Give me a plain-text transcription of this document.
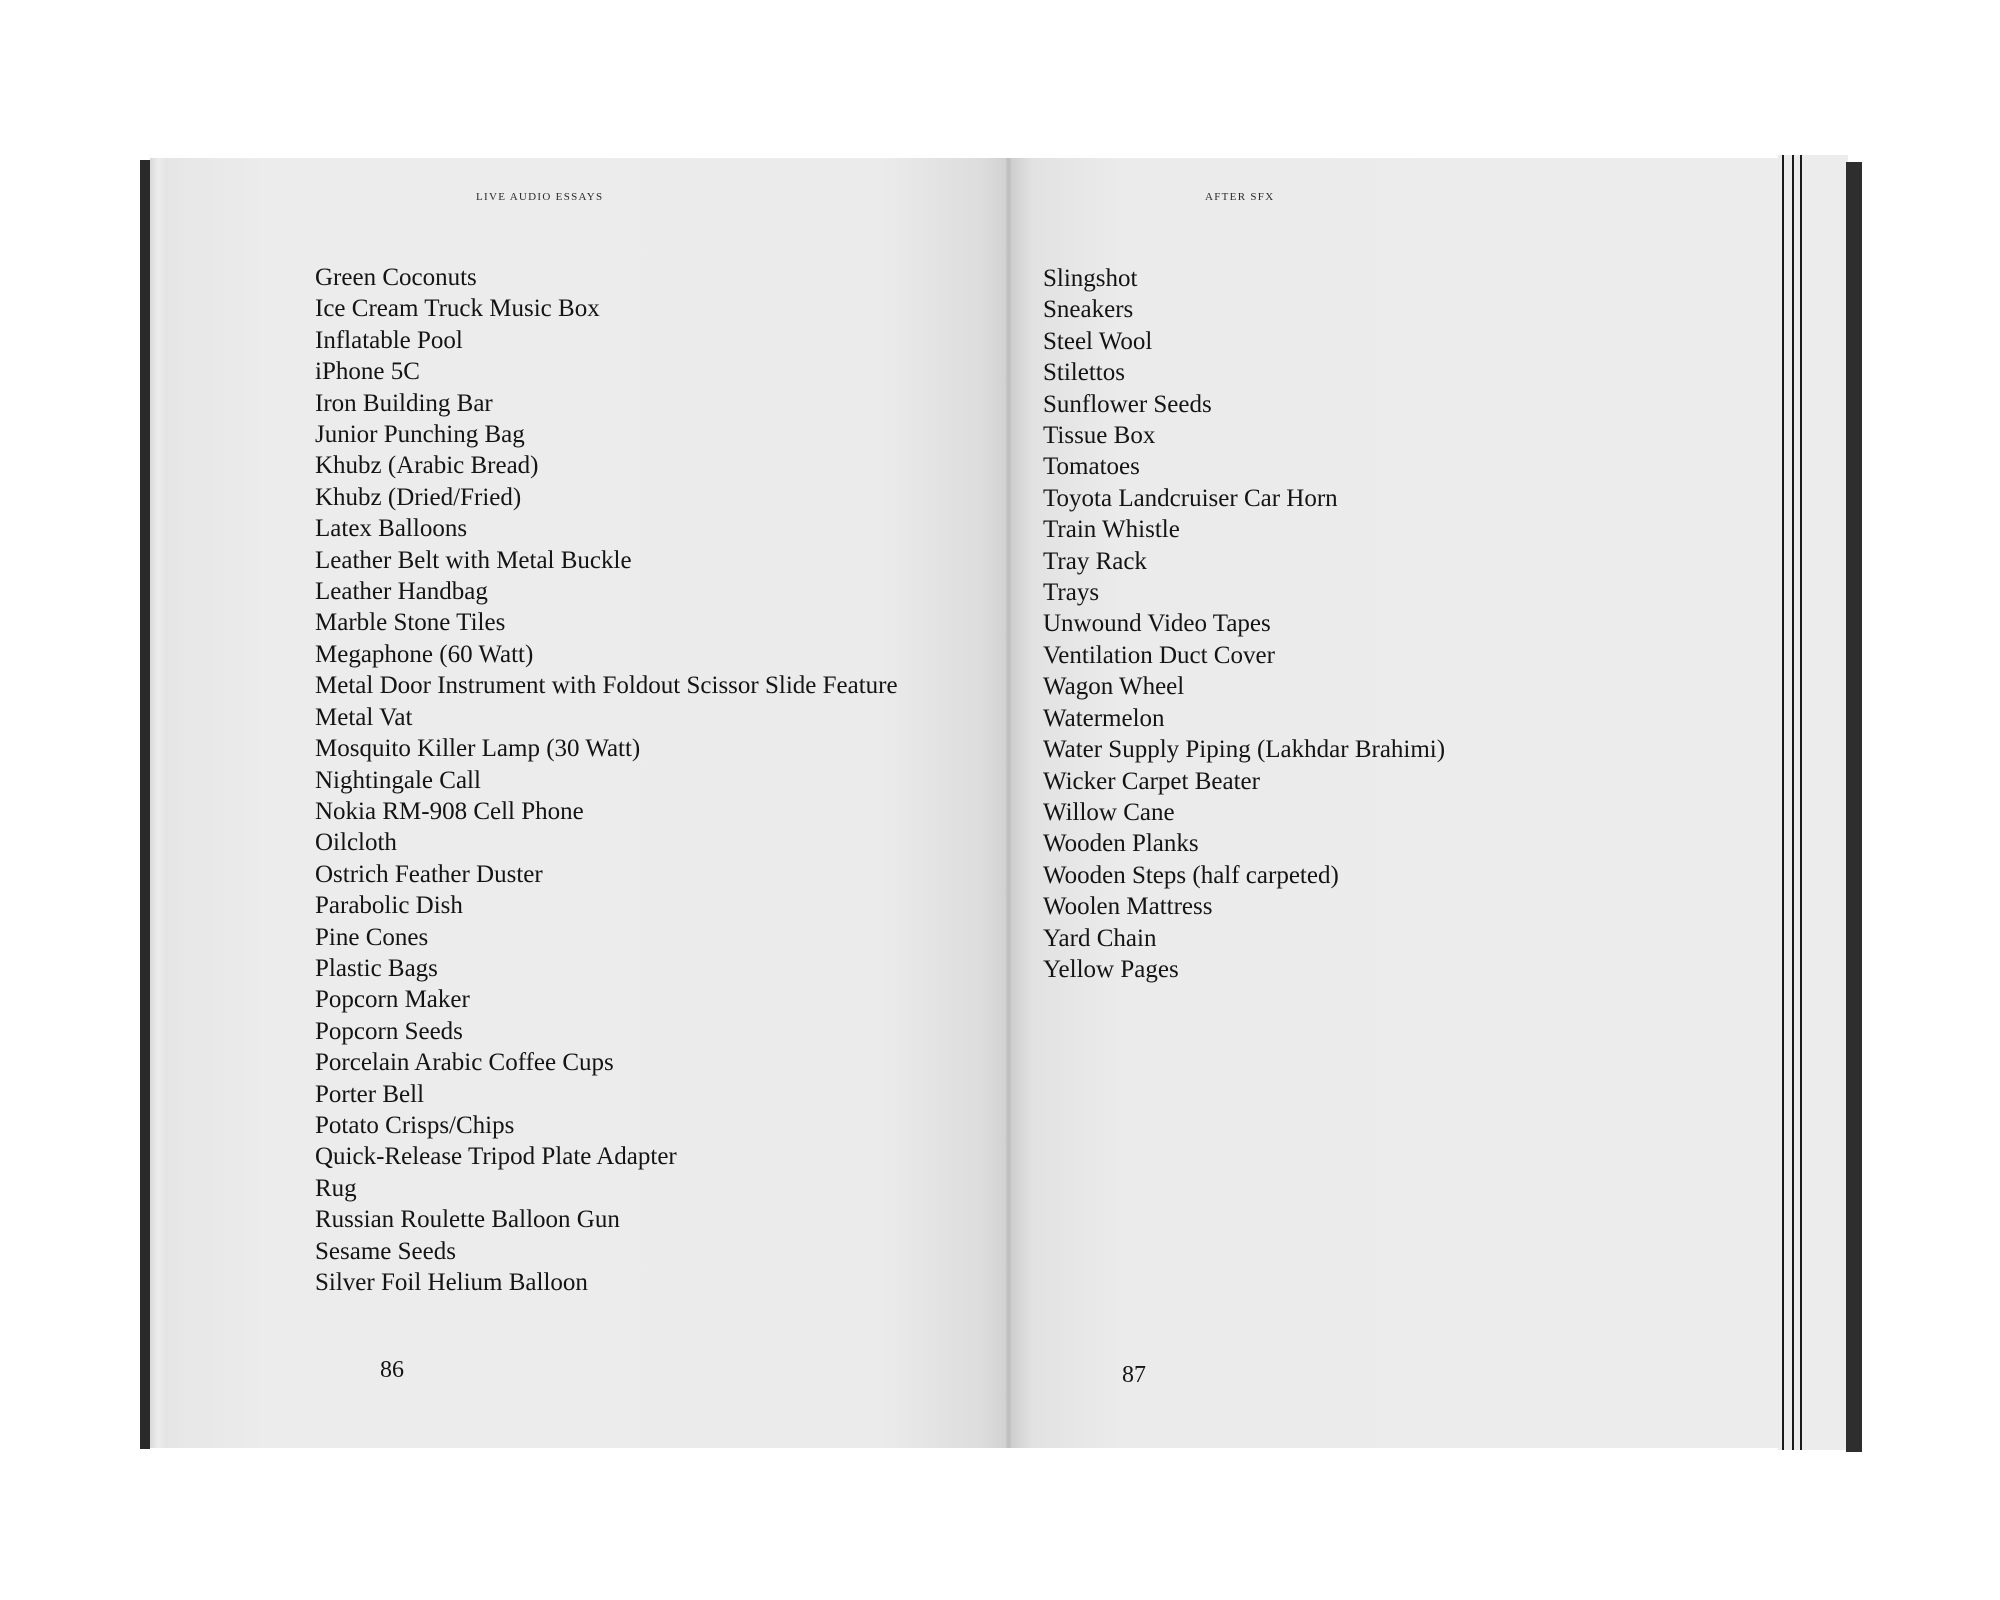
LIVE AUDIO ESSAYS	AFTER SFX
Green Coconuts
Ice Cream Truck Music Box
Inflatable Pool
iPhone 5C
Iron Building Bar
Junior Punching Bag
Khubz (Arabic Bread)
Khubz (Dried/Fried)
Latex Balloons
Leather Belt with Metal Buckle
Leather Handbag
Marble Stone Tiles
Megaphone (60 Watt)
Metal Door Instrument with Foldout Scissor Slide Feature
Metal Vat
Mosquito Killer Lamp (30 Watt)
Nightingale Call
Nokia RM-908 Cell Phone
Oilcloth
Ostrich Feather Duster
Parabolic Dish
Pine Cones
Plastic Bags
Popcorn Maker
Popcorn Seeds
Porcelain Arabic Coffee Cups
Porter Bell
Potato Crisps/Chips
Quick-Release Tripod Plate Adapter
Rug
Russian Roulette Balloon Gun
Sesame Seeds
Silver Foil Helium Balloon
Slingshot
Sneakers
Steel Wool
Stilettos
Sunflower Seeds
Tissue Box
Tomatoes
Toyota Landcruiser Car Horn
Train Whistle
Tray Rack
Trays
Unwound Video Tapes
Ventilation Duct Cover
Wagon Wheel
Watermelon
Water Supply Piping (Lakhdar Brahimi)
Wicker Carpet Beater
Willow Cane
Wooden Planks
Wooden Steps (half carpeted)
Woolen Mattress
Yard Chain
Yellow Pages
86	87
